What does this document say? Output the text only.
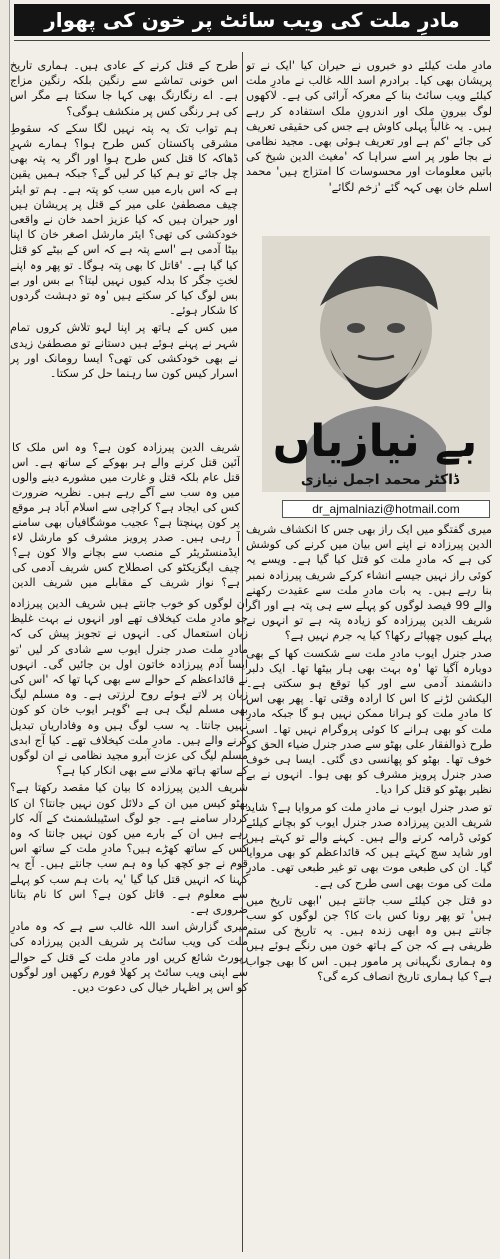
مادرِ ملت کی ویب سائٹ پر خون کی پھوار

مادرِ ملت کیلئے دو خبروں نے حیران کیا 'ایک نے تو پریشان بھی کیا۔ برادرم اسد اللہ غالب نے مادرِ ملت کیلئے ویب سائٹ بنا کے معرکہ آرائی کی ہے۔ لاکھوں لوگ بیرونِ ملک اور اندرونِ ملک استفادہ کر رہے ہیں۔ یہ غالباً پہلی کاوش ہے جس کی حقیقی تعریف کی جائے 'کم ہے اور تعریف ہوئی بھی۔ مجید نظامی نے بجا طور پر اسے سراہا کہ 'مغیث الدین شیخ کی باتیں معلومات اور محسوسات کا امتزاج ہیں' محمد اسلم خان بھی کہہ گئے 'زخم لگائے'

بے نیازیاں
ڈاکٹر محمد اجمل نیازی
dr_ajmalniazi@hotmail.com

طرح کے قتل کرنے کے عادی ہیں۔ ہماری تاریخ اس خونی تماشے سے رنگین بلکہ رنگین مزاج ہے۔ اے رنگارنگ بھی کہا جا سکتا ہے مگر اس کی ہر رنگی کس پر منکشف ہوگی؟

ہم تواب تک یہ پتہ نہیں لگا سکے کہ سقوطِ مشرقی پاکستان کس طرح ہوا؟ ہمارے شہرِ ڈھاکہ کا قتل کس طرح ہوا اور اگر یہ پتہ بھی چل جائے تو ہم کیا کر لیں گے؟ جبکہ ہمیں یقین ہے کہ اس بارے میں سب کو پتہ ہے۔ ہم تو ایئر چیف مصطفیٰ علی میر کے قتل پر پریشان ہیں اور حیران ہیں کہ کیا عزیز احمد خان نے واقعی خودکشی کی تھی؟ ایئر مارشل اصغر خان کا اپنا بیٹا آدمی ہے 'اسے پتہ ہے کہ اس کے بیٹے کو قتل کیا گیا ہے۔ 'قاتل کا بھی پتہ ہوگا۔ تو پھر وہ اپنے لختِ جگر کا بدلہ کیوں نہیں لیتا؟ بے بس اور بے بس لوگ کیا کر سکتے ہیں 'وہ تو دہشت گردوں کا شکار ہوئے۔

میں کس کے ہاتھ پر اپنا لہو تلاش کروں تمام شہر نے پہنے ہوئے ہیں دستانے تو مصطفیٰ زیدی نے بھی خودکشی کی تھی؟ ایسا رومانک اور پر اسرار کیس کون سا رہنما حل کر سکتا۔

شریف الدین پیرزادہ کون ہے؟ وہ اس ملک کا آئین قتل کرنے والے ہر بھوکے کے ساتھ ہے۔ اس قتل عام بلکہ قتل و غارت میں مشورے دینے والوں میں وہ سب سے آگے رہے ہیں۔ نظریہ ضرورت کس کی ایجاد ہے؟ کراچی سے اسلام آباد ہر موقع پر کون پہنچتا ہے؟ عجیب موشگافیاں بھی سامنے آ رہی ہیں۔ صدر پرویز مشرف کو مارشل لاء ایڈمنسٹریٹر کے منصب سے بچانے والا کون ہے؟ چیف ایگزیکٹو کی اصطلاح کس شریف آدمی کی ہے؟ نواز شریف کے مقابلے میں شریف الدین

میری گفتگو میں ایک راز بھی جس کا انکشاف شریف الدین پیرزادہ نے اپنے اس بیان میں کرنے کی کوشش کی ہے کہ مادرِ ملت کو قتل کیا گیا ہے۔ ویسے یہ کوئی راز نہیں جیسے انشاء کرکے شریف پیرزادہ نمبر بنا رہے ہیں۔ یہ بات مادرِ ملت سے عقیدت رکھنے والے 99 فیصد لوگوں کو پہلے سے ہی پتہ ہے اور اگر شریف الدین پیرزادہ کو زیادہ پتہ ہے تو انہوں نے پہلے کیوں چھپائے رکھا؟ کیا یہ جرم نہیں ہے؟

صدر جنرل ایوب مادرِ ملت سے شکست کھا کے بھی دوبارہ آگیا تھا 'وہ بہت بھی ہار بیٹھا تھا۔ ایک دلبر دانشمند آدمی سے اور کیا توقع ہو سکتی ہے۔ الیکشن لڑنے کا اس کا ارادہ وقتی تھا۔ پھر بھی اس کا مادرِ ملت کو ہرانا ممکن نہیں ہو گا جبکہ مادرِ ملت کو بھی ہرانے کا کوئی پروگرام نہیں تھا۔ اسی طرح ذوالفقار علی بھٹو سے صدر جنرل ضیاء الحق کو خوف تھا۔ بھٹو کو پھانسی دی گئی۔ ایسا ہی خوف صدر جنرل پرویز مشرف کو بھی ہوا۔ انہوں نے بے نظیر بھٹو کو قتل کرا دیا۔

تو صدر جنرل ایوب نے مادرِ ملت کو مروایا ہے؟ شاید شریف الدین پیرزادہ صدر جنرل ایوب کو بچانے کیلئے کوئی ڈرامہ کرنے والے ہیں۔ کہنے والے تو کہتے ہیں اور شاید سچ کہتے ہیں کہ قائداعظم کو بھی مروایا گیا۔ ان کی طبعی موت بھی تو غیر طبعی تھی۔ مادرِ ملت کی موت بھی اسی طرح کی ہے۔

دو قتل جن کیلئے سب جانتے ہیں 'ابھی تاریخ میں ہیں' تو پھر رونا کس بات کا؟ جن لوگوں کو سب جانتے ہیں وہ ابھی زندہ ہیں۔ یہ تاریخ کی ستم ظریفی ہے کہ جن کے ہاتھ خون میں رنگے ہوئے ہیں وہ ہماری نگہبانی پر مامور ہیں۔ اس کا بھی جواب ہے؟ کیا ہماری تاریخ انصاف کرے گی؟

ان لوگوں کو خوب جانتے ہیں شریف الدین پیرزادہ جو مادرِ ملت کیخلاف تھے اور انہوں نے بہت غلیظ زبان استعمال کی۔ انہوں نے تجویز پیش کی کہ مادرِ ملت صدر جنرل ایوب سے شادی کر لیں 'تو ایسا آدم پیرزادہ خاتون اول بن جائیں گی۔ انہوں نے قائداعظم کے حوالے سے بھی کہا تھا کہ 'اس کی زبان پر لاتے ہوئے روح لرزتی ہے۔ وہ مسلم لیگ بھی مسلم لیگ ہی ہے 'گوہر ایوب خان کو کون نہیں جانتا۔ یہ سب لوگ ہیں وہ وفاداریاں تبدیل کرنے والے ہیں۔ مادرِ ملت کیخلاف تھے۔ کیا آج ابدی مسلم لیگ کی عزت آبرو مجید نظامی نے ان لوگوں کے ساتھ ہاتھ ملانے سے بھی انکار کیا ہے؟

شریف الدین پیرزادہ کا بیان کیا مقصد رکھتا ہے؟ بھٹو کیس میں ان کے دلائل کون نہیں جانتا؟ ان کا کردار سامنے ہے۔ جو لوگ اسٹیبلشمنٹ کے آلہ کار رہے ہیں ان کے بارے میں کون نہیں جانتا کہ وہ کس کے ساتھ کھڑے ہیں؟ مادرِ ملت کے ساتھ اس قوم نے جو کچھ کیا وہ ہم سب جانتے ہیں۔ آج یہ کہنا کہ انہیں قتل کیا گیا 'یہ بات ہم سب کو پہلے سے معلوم ہے۔ قاتل کون ہے؟ اس کا نام بتانا ضروری ہے۔

میری گزارش اسد اللہ غالب سے ہے کہ وہ مادرِ ملت کی ویب سائٹ پر شریف الدین پیرزادہ کی رپورٹ شائع کریں اور مادرِ ملت کے قتل کے حوالے سے اپنی ویب سائٹ پر کھلا فورم رکھیں اور لوگوں کو اس پر اظہار خیال کی دعوت دیں۔
